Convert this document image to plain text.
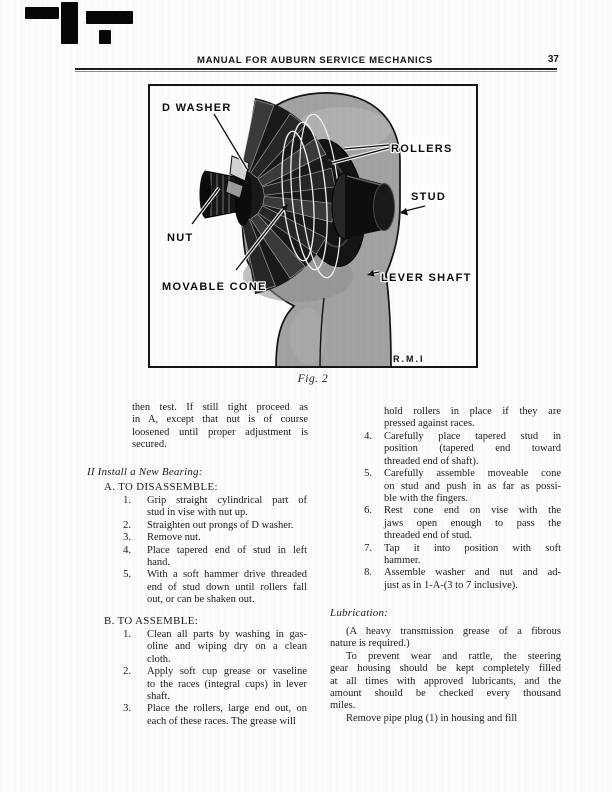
MANUAL FOR AUBURN SERVICE MECHANICS	37
D WASHER
ROLLERS
STUD
NUT
MOVABLE CONE
LEVER SHAFT
R.M.I
Fig. 2
then test. If still tight proceed as
in A, except that nut is of course
loosened until proper adjustment is
secured.
II Install a New Bearing:
A. TO DISASSEMBLE:
1. Grip straight cylindrical part of
stud in vise with nut up.
2. Straighten out prongs of D washer.
3. Remove nut.
4. Place tapered end of stud in left
hand.
5. With a soft hammer drive threaded
end of stud down until rollers fall
out, or can be shaken out.
B. TO ASSEMBLE:
1. Clean all parts by washing in gas-
oline and wiping dry on a clean
cloth.
2. Apply soft cup grease or vaseline
to the races (integral cups) in lever
shaft.
3. Place the rollers, large end out, on
each of these races. The grease will
hold rollers in place if they are
pressed against races.
4. Carefully place tapered stud in
position (tapered end toward
threaded end of shaft).
5. Carefully assemble moveable cone
on stud and push in as far as possi-
ble with the fingers.
6. Rest cone end on vise with the
jaws open enough to pass the
threaded end of stud.
7. Tap it into position with soft
hammer.
8. Assemble washer and nut and ad-
just as in 1-A-(3 to 7 inclusive).
Lubrication:
(A heavy transmission grease of a fibrous
nature is required.)
To prevent wear and rattle, the steering
gear housing should be kept completely filled
at all times with approved lubricants, and the
amount should be checked every thousand
miles.
Remove pipe plug (1) in housing and fill
